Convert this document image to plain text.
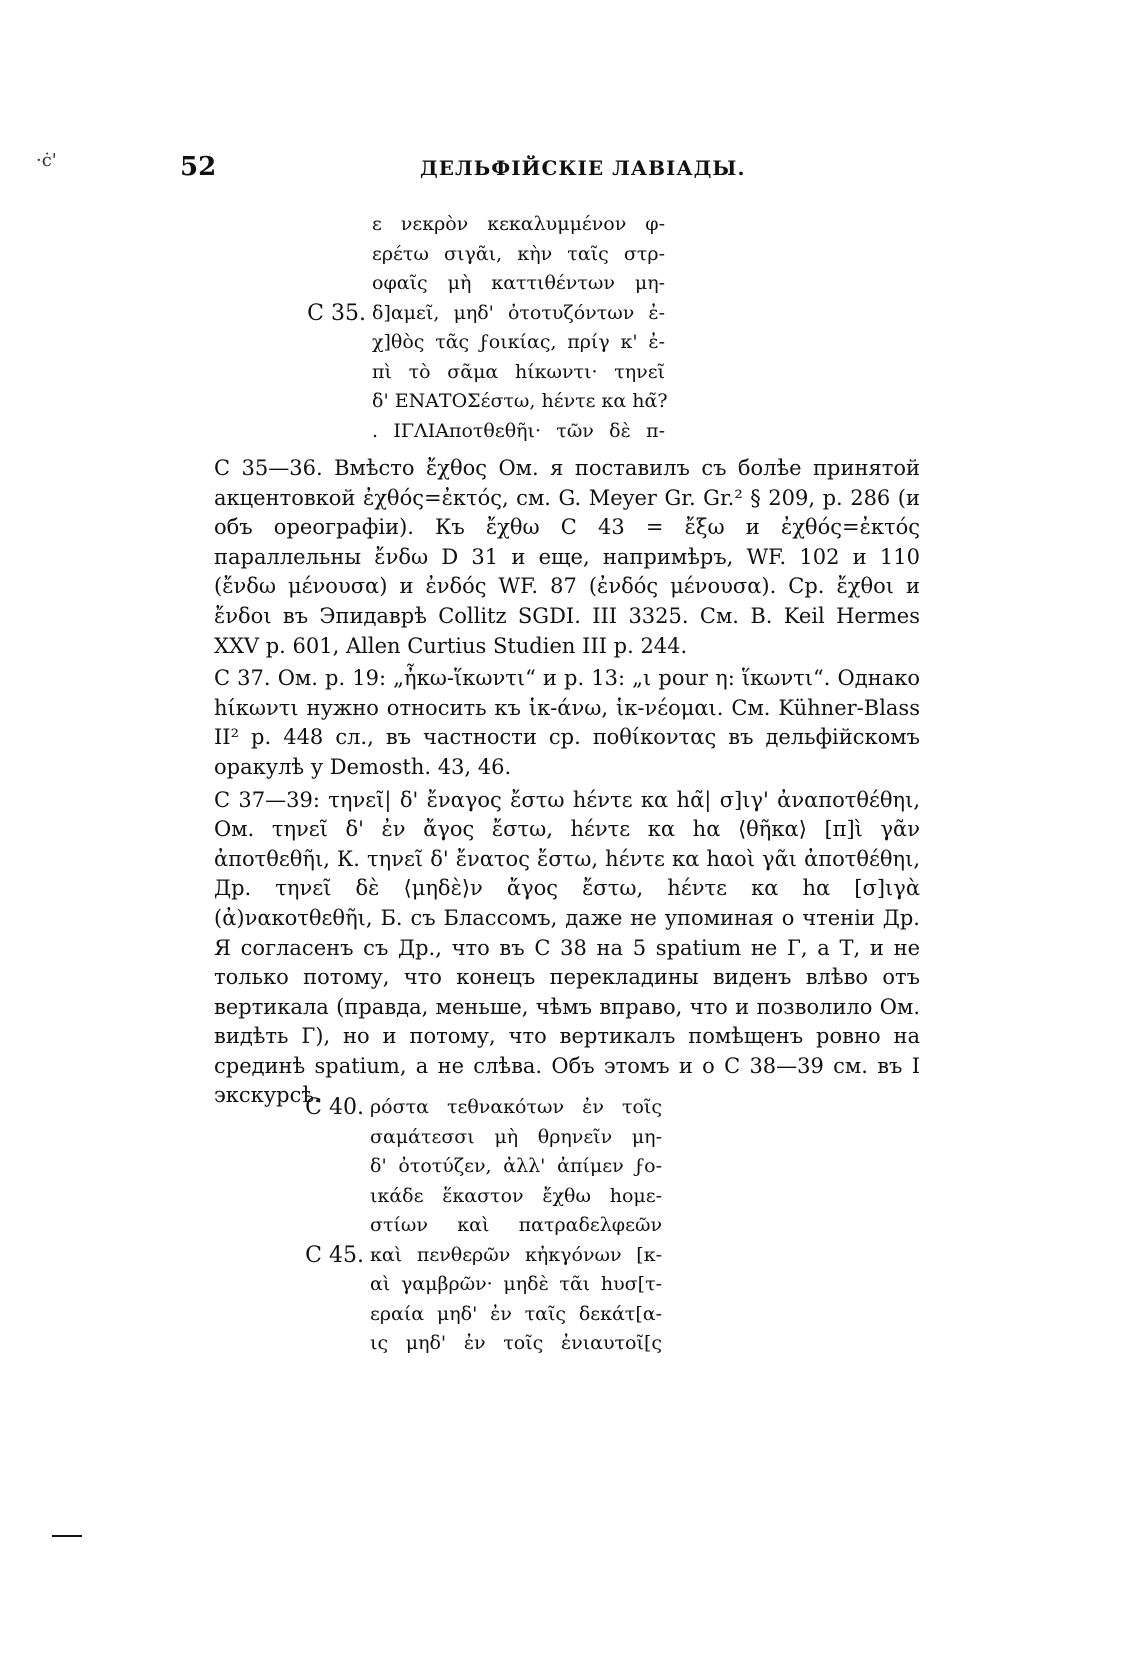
·ċ'	52	ДЕЛЬФІЙСКІЕ ЛАВІАДЫ.
ε νεκρὸν κεκαλυμμένον φ-
ερέτω σιγᾶι, κὴν ταῖς στρ-
οφαῖς μὴ καττιθέντων μη-
C 35. δ]αμεῖ, μηδ' ὀτοτυζόντων ἐ-
χ]θὸς τᾶς ϝοικίας, πρίγ κ' ἐ-
πὶ τὸ σᾶμα hίκωντι· τηνεῖ
δ' ΕΝΑΤΟΣέστω, hέντε κα hα̃?
. ΙΓΛΙΑποτθεθῆι· τῶν δὲ π-

С 35—36. Вмѣсто ἔχθος Ом. я поставилъ съ болѣе принятой акцентовкой ἐχθός=ἐκτός, см. G. Meyer Gr. Gr.² § 209, p. 286 (и объ ореографіи). Къ ἔχθω С 43 = ἔξω и ἐχθός=ἐκτός параллельны ἔνδω D 31 и еще, напримѣръ, WF. 102 и 110 (ἔνδω μένουσα) и ἐνδός WF. 87 (ἐνδός μένουσα). Ср. ἔχθοι и ἔνδοι въ Эпидаврѣ Collitz SGDI. III 3325. См. B. Keil Hermes XXV p. 601, Allen Curtius Studien III p. 244.

С 37. Ом. p. 19: „ἦκω-ἵκωντι“ и p. 13: „ι pour η: ἵκωντι“. Однако hίκωντι нужно относить къ ἱκ-άνω, ἱκ-νέομαι. См. Kühner-Blass II² p. 448 сл., въ частности ср. ποθίκοντας въ дельфійскомъ оракулѣ у Demosth. 43, 46.

С 37—39: τηνεῖ| δ' ἔναγος ἔστω hέντε κα hα̃| σ]ιγ' ἀναποτθέθηι, Ом. τηνεῖ δ' ἐν ἄγος ἔστω, hέντε κα hα ⟨θῆκα⟩ [π]ὶ γᾶν ἀποτθεθῆι, К. τηνεῖ δ' ἔνατος ἔστω, hέντε κα hαοὶ γᾶι ἀποτθέθηι, Др. τηνεῖ δὲ ⟨μηδὲ⟩ν ἄγος ἔστω, hέντε κα hα [σ]ιγὰ (ἀ)νακοτθεθῆι, Б. съ Блассомъ, даже не упоминая о чтеніи Др. Я согласенъ съ Др., что въ С 38 на 5 spatium не Г, а Т, и не только потому, что конецъ перекладины виденъ влѣво отъ вертикала (правда, меньше, чѣмъ вправо, что и позволило Ом. видѣть Г), но и потому, что вертикалъ помѣщенъ ровно на срединѣ spatium, а не слѣва. Объ этомъ и о С 38—39 см. въ I экскурсѣ.

C 40. ρόστα τεθνακότων ἐν τοῖς
σαμάτεσσι μὴ θρηνεῖν μη-
δ' ὀτοτύζεν, ἀλλ' ἀπίμεν ϝο-
ικάδε ἕκαστον ἔχθω hομε-
στίων καὶ πατραδελφεῶν
C 45. καὶ πενθερῶν κἠκγόνων [κ-
αὶ γαμβρῶν· μηδὲ τᾶι hυσ[τ-
εραία μηδ' ἐν ταῖς δεκάτ[α-
ις μηδ' ἐν τοῖς ἐνιαυτοῖ[ς
